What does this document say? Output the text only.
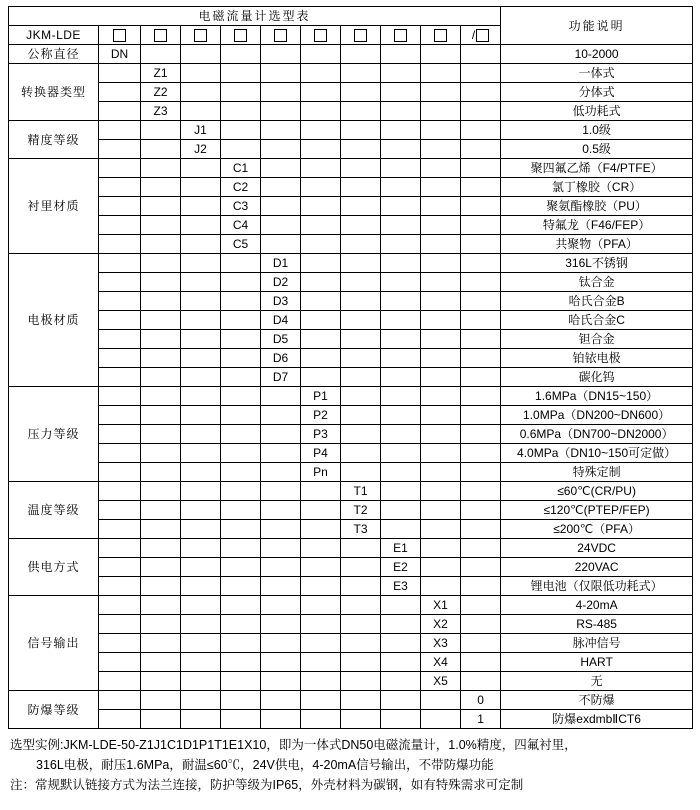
电磁流量计选型表											功能说明
JKM-LDE										/	
公称直径	DN										10-2000
转换器类型		Z1									一体式
		Z2									分体式
		Z3									低功耗式
精度等级			J1								1.0级
			J2								0.5级
衬里材质				C1							聚四氟乙烯（F4/PTFE）
				C2							氯丁橡胶（CR）
				C3							聚氨酯橡胶（PU）
				C4							特氟龙（F46/FEP）
				C5							共聚物（PFA）
电极材质					D1						316L不锈钢
					D2						钛合金
					D3						哈氏合金B
					D4						哈氏合金C
					D5						钽合金
					D6						铂铱电极
					D7						碳化钨
压力等级						P1					1.6MPa（DN15~150）
						P2					1.0MPa（DN200~DN600）
						P3					0.6MPa（DN700~DN2000）
						P4					4.0MPa（DN10~150可定做）
						Pn					特殊定制
温度等级							T1				≤60℃(CR/PU)
							T2				≤120℃(PTEP/FEP)
							T3				≤200℃（PFA）
供电方式								E1			24VDC
								E2			220VAC
								E3			锂电池（仅限低功耗式）
信号输出									X1		4-20mA
									X2		RS-485
									X3		脉冲信号
									X4		HART
									X5		无
防爆等级										0	不防爆
										1	防爆exdmbⅡCT6
选型实例:JKM-LDE-50-Z1J1C1D1P1T1E1X10，即为一体式DN50电磁流量计，1.0%精度，四氟衬里，
316L电极，耐压1.6MPa，耐温≤60℃，24V供电，4-20mA信号输出，不带防爆功能
注：常规默认链接方式为法兰连接，防护等级为IP65，外壳材料为碳钢，如有特殊需求可定制
